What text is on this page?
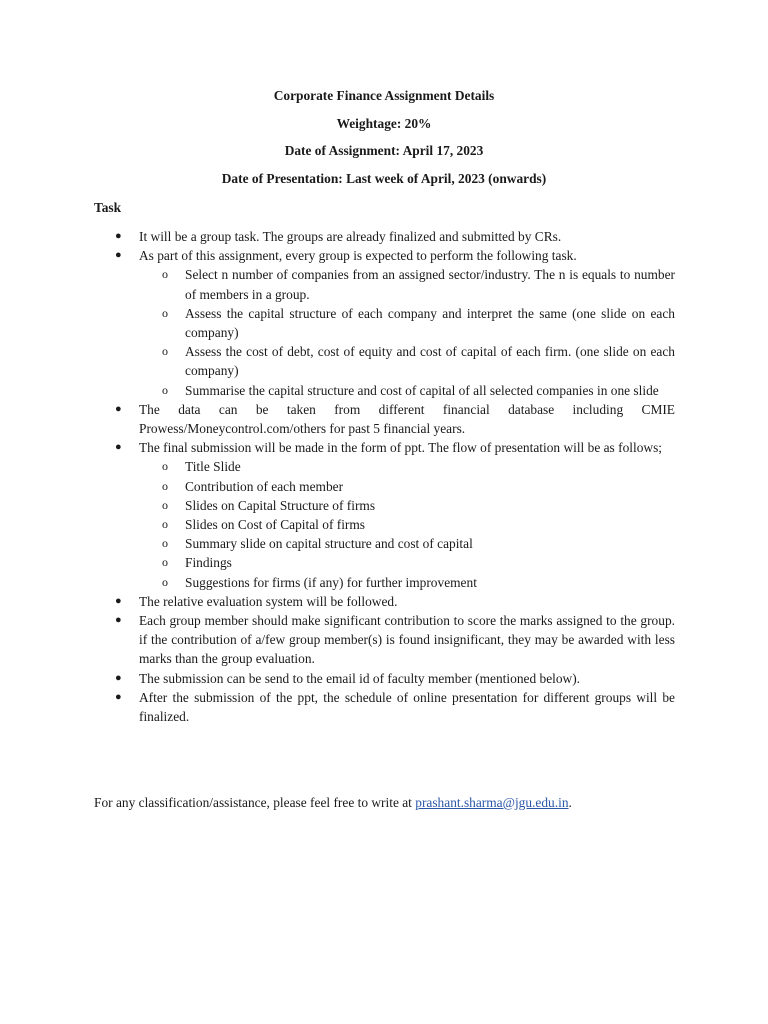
Corporate Finance Assignment Details
Weightage: 20%
Date of Assignment: April 17, 2023
Date of Presentation: Last week of April, 2023 (onwards)
Task
● It will be a group task. The groups are already finalized and submitted by CRs.
● As part of this assignment, every group is expected to perform the following task.
o Select n number of companies from an assigned sector/industry. The n is equals to number of members in a group.
o Assess the capital structure of each company and interpret the same (one slide on each company)
o Assess the cost of debt, cost of equity and cost of capital of each firm. (one slide on each company)
o Summarise the capital structure and cost of capital of all selected companies in one slide
● The data can be taken from different financial database including CMIE Prowess/Moneycontrol.com/others for past 5 financial years.
● The final submission will be made in the form of ppt. The flow of presentation will be as follows;
o Title Slide
o Contribution of each member
o Slides on Capital Structure of firms
o Slides on Cost of Capital of firms
o Summary slide on capital structure and cost of capital
o Findings
o Suggestions for firms (if any) for further improvement
● The relative evaluation system will be followed.
● Each group member should make significant contribution to score the marks assigned to the group. if the contribution of a/few group member(s) is found insignificant, they may be awarded with less marks than the group evaluation.
● The submission can be send to the email id of faculty member (mentioned below).
● After the submission of the ppt, the schedule of online presentation for different groups will be finalized.
For any classification/assistance, please feel free to write at prashant.sharma@jgu.edu.in.
